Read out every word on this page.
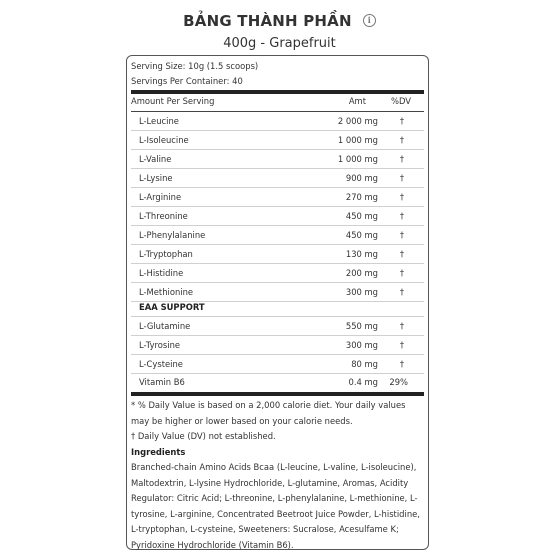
BẢNG THÀNH PHẦN i
400g - Grapefruit
Serving Size: 10g (1.5 scoops)
Servings Per Container: 40
Amount Per Serving	Amt	%DV
L-Leucine	2 000 mg	†
L-Isoleucine	1 000 mg	†
L-Valine	1 000 mg	†
L-Lysine	900 mg	†
L-Arginine	270 mg	†
L-Threonine	450 mg	†
L-Phenylalanine	450 mg	†
L-Tryptophan	130 mg	†
L-Histidine	200 mg	†
L-Methionine	300 mg	†
EAA SUPPORT
L-Glutamine	550 mg	†
L-Tyrosine	300 mg	†
L-Cysteine	80 mg	†
Vitamin B6	0.4 mg 29%
* % Daily Value is based on a 2,000 calorie diet. Your daily values may be higher or lower based on your calorie needs.
† Daily Value (DV) not established.
Ingredients
Branched-chain Amino Acids Bcaa (L-leucine, L-valine, L-isoleucine), Maltodextrin, L-lysine Hydrochloride, L-glutamine, Aromas, Acidity Regulator: Citric Acid; L-threonine, L-phenylalanine, L-methionine, L-tyrosine, L-arginine, Concentrated Beetroot Juice Powder, L-histidine, L-tryptophan, L-cysteine, Sweeteners: Sucralose, Acesulfame K; Pyridoxine Hydrochloride (Vitamin B6).
